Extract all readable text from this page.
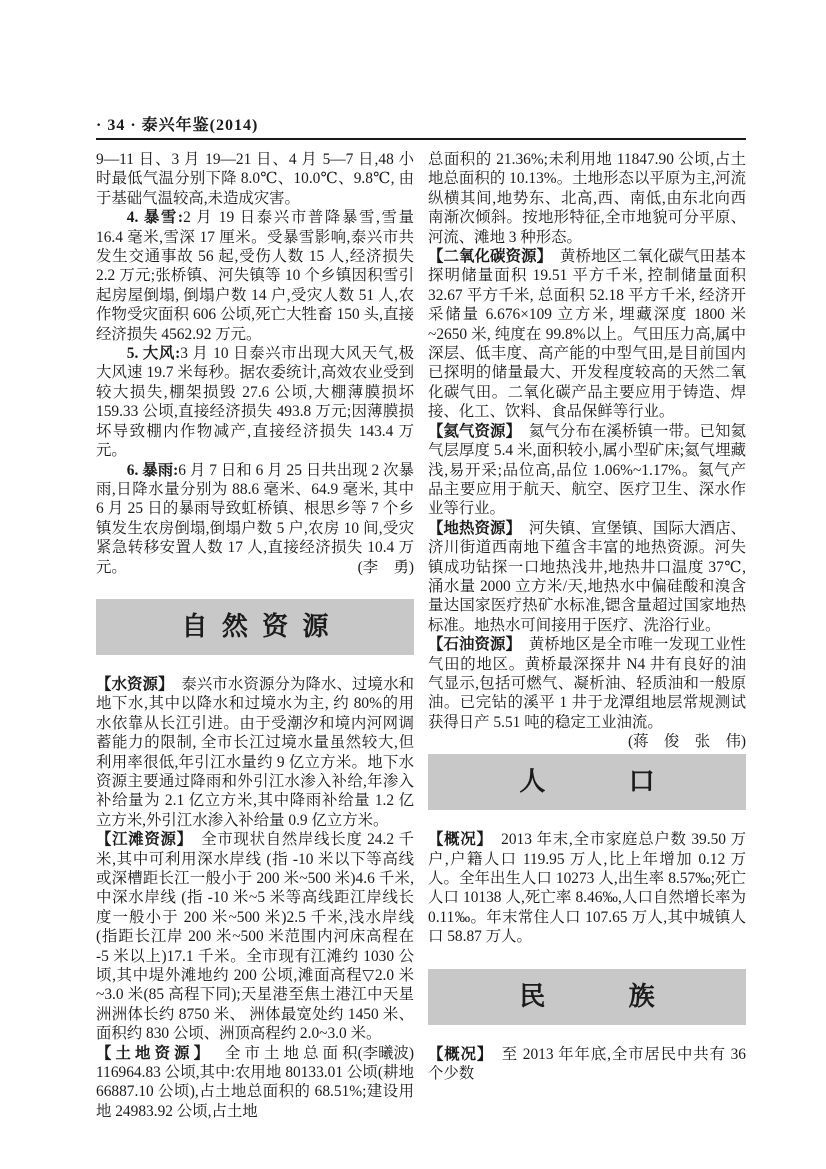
· 34 · 泰兴年鉴(2014)

9—11 日、3 月 19—21 日、4 月 5—7 日,48 小时最低气温分别下降 8.0℃、10.0℃、9.8℃, 由于基础气温较高,未造成灾害。

4. 暴雪:2 月 19 日泰兴市普降暴雪,雪量 16.4 毫米,雪深 17 厘米。受暴雪影响,泰兴市共发生交通事故 56 起,受伤人数 15 人,经济损失 2.2 万元;张桥镇、河失镇等 10 个乡镇因积雪引起房屋倒塌, 倒塌户数 14 户,受灾人数 51 人,农作物受灾面积 606 公顷,死亡大牲畜 150 头,直接经济损失 4562.92 万元。

5. 大风:3 月 10 日泰兴市出现大风天气,极大风速 19.7 米每秒。据农委统计,高效农业受到较大损失,棚架损毁 27.6 公顷,大棚薄膜损坏 159.33 公顷,直接经济损失 493.8 万元;因薄膜损坏导致棚内作物减产,直接经济损失 143.4 万元。

6. 暴雨:6 月 7 日和 6 月 25 日共出现 2 次暴雨,日降水量分别为 88.6 毫米、64.9 毫米, 其中 6 月 25 日的暴雨导致虹桥镇、根思乡等 7 个乡镇发生农房倒塌,倒塌户数 5 户,农房 10 间,受灾紧急转移安置人数 17 人,直接经济损失 10.4 万元。	(李　勇)

自然资源

【水资源】　 泰兴市水资源分为降水、过境水和地下水,其中以降水和过境水为主, 约 80%的用水依靠从长江引进。由于受潮汐和境内河网调蓄能力的限制, 全市长江过境水量虽然较大,但利用率很低,年引江水量约 9 亿立方米。地下水资源主要通过降雨和外引江水渗入补给,年渗入补给量为 2.1 亿立方米,其中降雨补给量 1.2 亿立方米,外引江水渗入补给量 0.9 亿立方米。

【江滩资源】　 全市现状自然岸线长度 24.2 千米,其中可利用深水岸线 (指 -10 米以下等高线或深槽距长江一般小于 200 米~500 米)4.6 千米, 中深水岸线 (指 -10 米~5 米等高线距江岸线长度一般小于 200 米~500 米)2.5 千米,浅水岸线(指距长江岸 200 米~500 米范围内河床高程在 -5 米以上)17.1 千米。全市现有江滩约 1030 公顷,其中堤外滩地约 200 公顷,滩面高程▽2.0 米~3.0 米(85 高程下同);天星港至焦土港江中天星洲洲体长约 8750 米、 洲体最宽处约 1450 米、面积约 830 公顷、洲顶高程约 2.0~3.0 米。
(李曦波)

【土地资源】　 全市土地总面积 116964.83 公顷,其中:农用地 80133.01 公顷(耕地 66887.10 公顷),占土地总面积的 68.51%;建设用地 24983.92 公顷,占土地

总面积的 21.36%;未利用地 11847.90 公顷,占土地总面积的 10.13%。土地形态以平原为主,河流纵横其间,地势东、北高,西、南低,由东北向西南渐次倾斜。按地形特征,全市地貌可分平原、河流、滩地 3 种形态。

【二氧化碳资源】　 黄桥地区二氧化碳气田基本探明储量面积 19.51 平方千米, 控制储量面积 32.67 平方千米, 总面积 52.18 平方千米, 经济开采储量 6.676×109 立方米, 埋藏深度 1800 米~2650 米, 纯度在 99.8%以上。气田压力高,属中深层、低丰度、高产能的中型气田,是目前国内已探明的储量最大、开发程度较高的天然二氧化碳气田。二氧化碳产品主要应用于铸造、焊接、化工、饮料、食品保鲜等行业。

【氦气资源】　 氦气分布在溪桥镇一带。已知氦气层厚度 5.4 米,面积较小,属小型矿床;氦气埋藏浅,易开采;品位高,品位 1.06%~1.17%。氦气产品主要应用于航天、航空、医疗卫生、深水作业等行业。

【地热资源】　 河失镇、宣堡镇、国际大酒店、济川街道西南地下蕴含丰富的地热资源。河失镇成功钻探一口地热浅井,地热井口温度 37℃,涌水量 2000 立方米/天,地热水中偏硅酸和溴含量达国家医疗热矿水标准,锶含量超过国家地热标准。地热水可间接用于医疗、洗浴行业。

【石油资源】　 黄桥地区是全市唯一发现工业性气田的地区。黄桥最深探井 N4 井有良好的油气显示,包括可燃气、凝析油、轻质油和一般原油。已完钻的溪平 1 井于龙潭组地层常规测试获得日产 5.51 吨的稳定工业油流。
(蒋　俊　张　伟)

人口

【概况】　 2013 年末,全市家庭总户数 39.50 万户,户籍人口 119.95 万人,比上年增加 0.12 万人。全年出生人口 10273 人,出生率 8.57‰;死亡人口 10138 人,死亡率 8.46‰,人口自然增长率为 0.11‰。年末常住人口 107.65 万人,其中城镇人口 58.87 万人。

民族

【概况】　 至 2013 年年底,全市居民中共有 36 个少数
